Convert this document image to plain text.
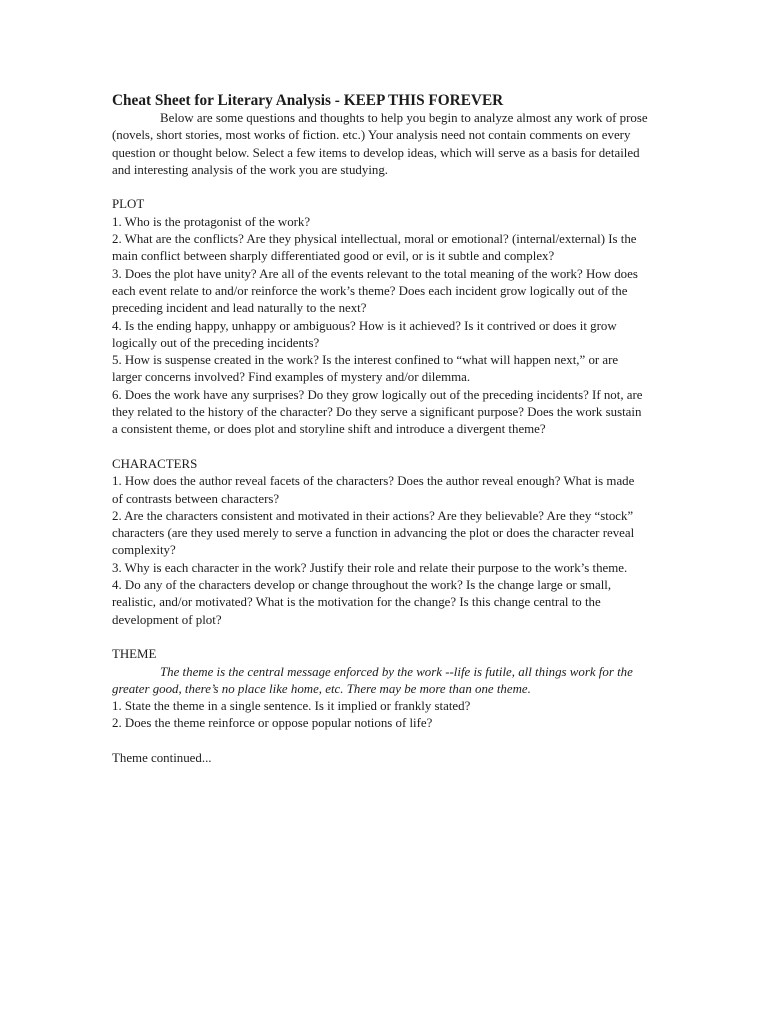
Cheat Sheet for Literary Analysis - KEEP THIS FOREVER

Below are some questions and thoughts to help you begin to analyze almost any work of prose (novels, short stories, most works of fiction. etc.) Your analysis need not contain comments on every question or thought below. Select a few items to develop ideas, which will serve as a basis for detailed and interesting analysis of the work you are studying.

PLOT

1. Who is the protagonist of the work?

2. What are the conflicts? Are they physical intellectual, moral or emotional? (internal/external) Is the main conflict between sharply differentiated good or evil, or is it subtle and complex?

3. Does the plot have unity? Are all of the events relevant to the total meaning of the work? How does each event relate to and/or reinforce the work’s theme? Does each incident grow logically out of the preceding incident and lead naturally to the next?

4. Is the ending happy, unhappy or ambiguous? How is it achieved? Is it contrived or does it grow logically out of the preceding incidents?

5. How is suspense created in the work? Is the interest confined to “what will happen next,” or are larger concerns involved? Find examples of mystery and/or dilemma.

6. Does the work have any surprises? Do they grow logically out of the preceding incidents? If not, are they related to the history of the character? Do they serve a significant purpose? Does the work sustain a consistent theme, or does plot and storyline shift and introduce a divergent theme?

CHARACTERS

1. How does the author reveal facets of the characters? Does the author reveal enough? What is made of contrasts between characters?

2. Are the characters consistent and motivated in their actions? Are they believable? Are they “stock” characters (are they used merely to serve a function in advancing the plot or does the character reveal complexity?

3. Why is each character in the work? Justify their role and relate their purpose to the work’s theme.

4. Do any of the characters develop or change throughout the work? Is the change large or small, realistic, and/or motivated? What is the motivation for the change? Is this change central to the development of plot?

THEME

The theme is the central message enforced by the work --life is futile, all things work for the greater good, there’s no place like home, etc. There may be more than one theme.

1. State the theme in a single sentence. Is it implied or frankly stated?

2. Does the theme reinforce or oppose popular notions of life?

Theme continued...
